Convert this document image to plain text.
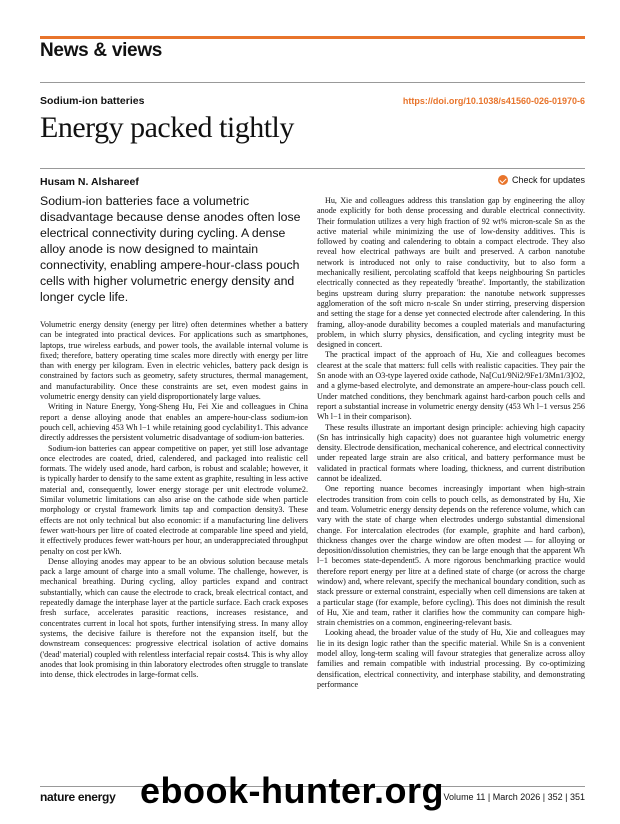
News & views
Sodium-ion batteries	https://doi.org/10.1038/s41560-026-01970-6
Energy packed tightly
Husam N. Alshareef	Check for updates
Sodium-ion batteries face a volumetric disadvantage because dense anodes often lose electrical connectivity during cycling. A dense alloy anode is now designed to maintain connectivity, enabling ampere-hour-class pouch cells with higher volumetric energy density and longer cycle life.

Volumetric energy density (energy per litre) often determines whether a battery can be integrated into practical devices. For applications such as smartphones, laptops, true wireless earbuds, and power tools, the available internal volume is fixed; therefore, battery operating time scales more directly with energy per litre than with energy per kilogram. Even in electric vehicles, battery pack design is constrained by factors such as geometry, safety structures, thermal management, and manufacturability. Once these constraints are set, even modest gains in volumetric energy density can yield disproportionately large values.

Writing in Nature Energy, Yong-Sheng Hu, Fei Xie and colleagues in China report a dense alloying anode that enables an ampere-hour-class sodium-ion pouch cell, achieving 453 Wh l−1 while retaining good cyclability1. This advance directly addresses the persistent volumetric disadvantage of sodium-ion batteries.

Sodium-ion batteries can appear competitive on paper, yet still lose advantage once electrodes are coated, dried, calendered, and packaged into realistic cell formats. The widely used anode, hard carbon, is robust and scalable; however, it is typically harder to densify to the same extent as graphite, resulting in less active material and, consequently, lower energy storage per unit electrode volume2. Similar volumetric limitations can also arise on the cathode side when particle morphology or crystal framework limits tap and compaction density3. These effects are not only technical but also economic: if a manufacturing line delivers fewer watt-hours per litre of coated electrode at comparable line speed and yield, it effectively produces fewer watt-hours per hour, an underappreciated throughput penalty on cost per kWh.

Dense alloying anodes may appear to be an obvious solution because metals pack a large amount of charge into a small volume. The challenge, however, is mechanical breathing. During cycling, alloy particles expand and contract substantially, which can cause the electrode to crack, break electrical contact, and repeatedly damage the interphase layer at the particle surface. Each crack exposes fresh surface, accelerates parasitic reactions, increases resistance, and concentrates current in local hot spots, further intensifying stress. In many alloy systems, the decisive failure is therefore not the expansion itself, but the downstream consequences: progressive electrical isolation of active domains ('dead' material) coupled with relentless interfacial repair costs4. This is why alloy anodes that look promising in thin laboratory electrodes often struggle to translate into dense, thick electrodes in large-format cells.

Hu, Xie and colleagues address this translation gap by engineering the alloy anode explicitly for both dense processing and durable electrical connectivity. Their formulation utilizes a very high fraction of 92 wt% micron-scale Sn as the active material while minimizing the use of low-density additives. This is followed by coating and calendering to obtain a compact electrode. They also reveal how electrical pathways are built and preserved. A carbon nanotube network is introduced not only to raise conductivity, but to also form a mechanically resilient, percolating scaffold that keeps neighbouring Sn particles electrically connected as they repeatedly 'breathe'. Importantly, the stabilization begins upstream during slurry preparation: the nanotube network suppresses agglomeration of the soft micro n-scale Sn under stirring, preserving dispersion and setting the stage for a dense yet connected electrode after calendering. In this framing, alloy-anode durability becomes a coupled materials and manufacturing problem, in which slurry physics, densification, and cycling integrity must be designed in concert.

The practical impact of the approach of Hu, Xie and colleagues becomes clearest at the scale that matters: full cells with realistic capacities. They pair the Sn anode with an O3-type layered oxide cathode, Na[Cu1/9Ni2/9Fe1/3Mn1/3]O2, and a glyme-based electrolyte, and demonstrate an ampere-hour-class pouch cell. Under matched conditions, they benchmark against hard-carbon pouch cells and report a substantial increase in volumetric energy density (453 Wh l−1 versus 256 Wh l−1 in their comparison).

These results illustrate an important design principle: achieving high capacity (Sn has intrinsically high capacity) does not guarantee high volumetric energy density. Electrode densification, mechanical coherence, and electrical connectivity under repeated large strain are also critical, and battery performance must be validated in practical formats where loading, thickness, and current distribution cannot be idealized.

One reporting nuance becomes increasingly important when high-strain electrodes transition from coin cells to pouch cells, as demonstrated by Hu, Xie and team. Volumetric energy density depends on the reference volume, which can vary with the state of charge when electrodes undergo substantial dimensional change. For intercalation electrodes (for example, graphite and hard carbon), thickness changes over the charge window are often modest — for alloying or deposition/dissolution chemistries, they can be large enough that the apparent Wh l−1 becomes state-dependent5. A more rigorous benchmarking practice would therefore report energy per litre at a defined state of charge (or across the charge window) and, where relevant, specify the mechanical boundary condition, such as stack pressure or external constraint, especially when cell dimensions are taken at a particular stage (for example, before cycling). This does not diminish the result of Hu, Xie and team, rather it clarifies how the community can compare high-strain chemistries on a common, engineering-relevant basis.

Looking ahead, the broader value of the study of Hu, Xie and colleagues may lie in its design logic rather than the specific material. While Sn is a convenient model alloy, long-term scaling will favour strategies that generalize across alloy families and remain compatible with industrial processing. By co-optimizing densification, electrical connectivity, and interphase stability, and demonstrating performance

nature energy	Volume 11 | March 2026 | 352 | 351
ebook-hunter.org
